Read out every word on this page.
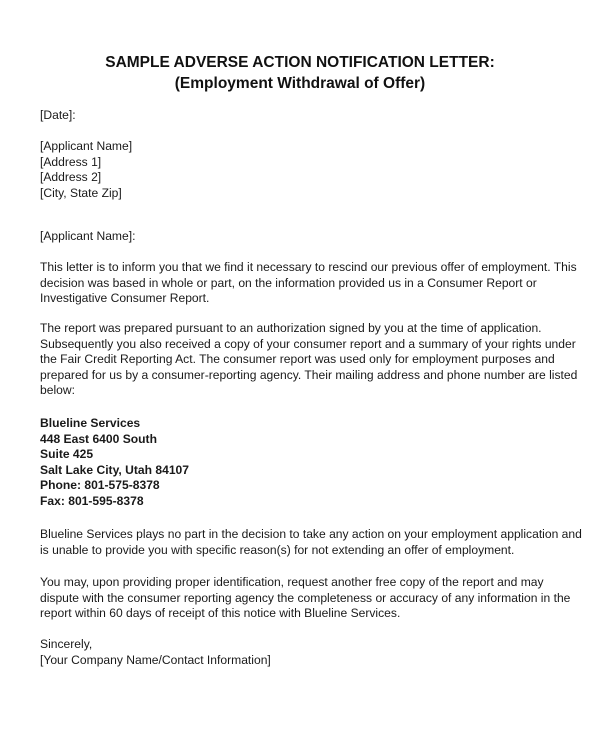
SAMPLE ADVERSE ACTION NOTIFICATION LETTER:
(Employment Withdrawal of Offer)
[Date]:
[Applicant Name]
[Address 1]
[Address 2]
[City, State Zip]
[Applicant Name]:
This letter is to inform you that we find it necessary to rescind our previous offer of employment. This
decision was based in whole or part, on the information provided us in a Consumer Report or
Investigative Consumer Report.
The report was prepared pursuant to an authorization signed by you at the time of application.
Subsequently you also received a copy of your consumer report and a summary of your rights under
the Fair Credit Reporting Act. The consumer report was used only for employment purposes and
prepared for us by a consumer-reporting agency. Their mailing address and phone number are listed
below:
Blueline Services
448 East 6400 South
Suite 425
Salt Lake City, Utah 84107
Phone: 801-575-8378
Fax: 801-595-8378
Blueline Services plays no part in the decision to take any action on your employment application and
is unable to provide you with specific reason(s) for not extending an offer of employment.
You may, upon providing proper identification, request another free copy of the report and may
dispute with the consumer reporting agency the completeness or accuracy of any information in the
report within 60 days of receipt of this notice with Blueline Services.
Sincerely,
[Your Company Name/Contact Information]
